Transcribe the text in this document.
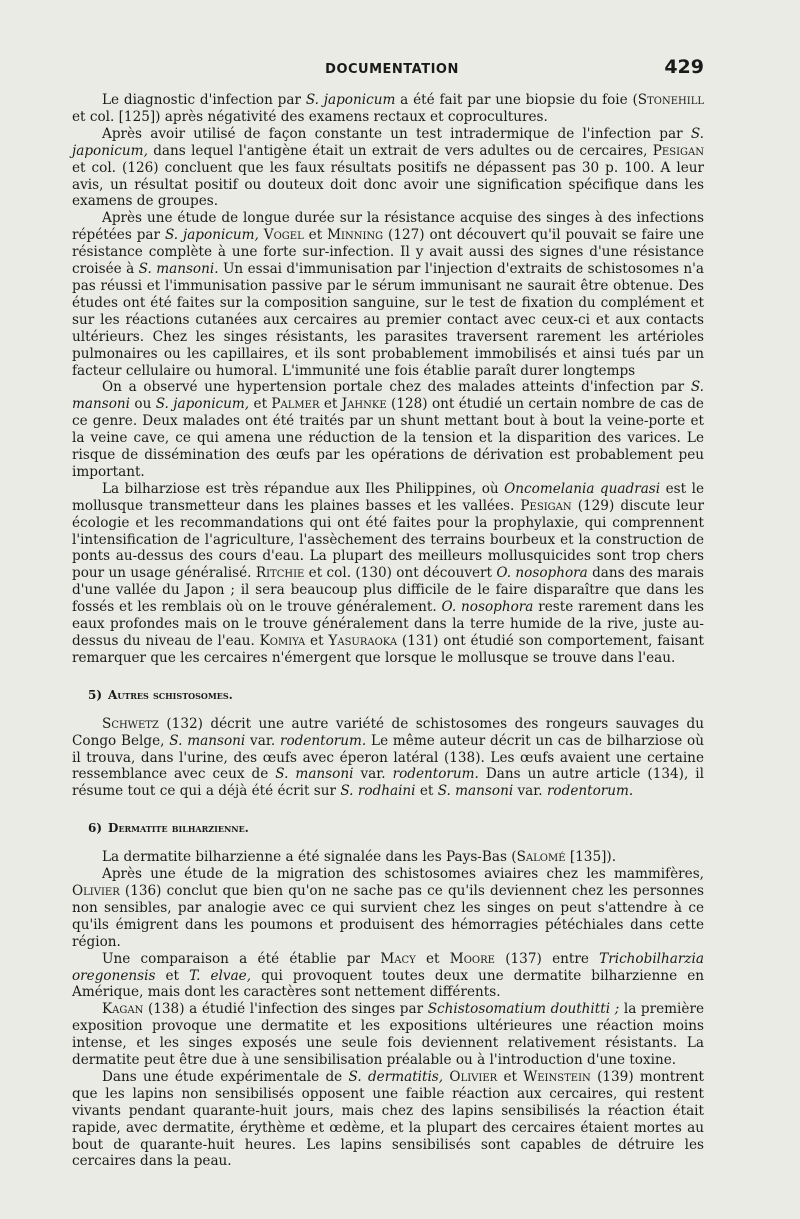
DOCUMENTATION	429

Le diagnostic d'infection par S. japonicum a été fait par une biopsie du foie (Stonehill et col. [125]) après négativité des examens rectaux et coprocultures.

Après avoir utilisé de façon constante un test intradermique de l'infection par S. japonicum, dans lequel l'antigène était un extrait de vers adultes ou de cercaires, Pesigan et col. (126) concluent que les faux résultats positifs ne dépassent pas 30 p. 100. A leur avis, un résultat positif ou douteux doit donc avoir une signification spécifique dans les examens de groupes.

Après une étude de longue durée sur la résistance acquise des singes à des infections répétées par S. japonicum, Vogel et Minning (127) ont découvert qu'il pouvait se faire une résistance complète à une forte sur-infection. Il y avait aussi des signes d'une résistance croisée à S. mansoni. Un essai d'immunisation par l'injection d'extraits de schistosomes n'a pas réussi et l'immunisation passive par le sérum immunisant ne saurait être obtenue. Des études ont été faites sur la composition sanguine, sur le test de fixation du complément et sur les réactions cutanées aux cercaires au premier contact avec ceux-ci et aux contacts ultérieurs. Chez les singes résistants, les parasites traversent rarement les artérioles pulmonaires ou les capillaires, et ils sont probablement immobilisés et ainsi tués par un facteur cellulaire ou humoral. L'immunité une fois établie paraît durer longtemps

On a observé une hypertension portale chez des malades atteints d'infection par S. mansoni ou S. japonicum, et Palmer et Jahnke (128) ont étudié un certain nombre de cas de ce genre. Deux malades ont été traités par un shunt mettant bout à bout la veine-porte et la veine cave, ce qui amena une réduction de la tension et la disparition des varices. Le risque de dissémination des œufs par les opérations de dérivation est probablement peu important.

La bilharziose est très répandue aux Iles Philippines, où Oncomelania quadrasi est le mollusque transmetteur dans les plaines basses et les vallées. Pesigan (129) discute leur écologie et les recommandations qui ont été faites pour la prophylaxie, qui comprennent l'intensification de l'agriculture, l'assèchement des terrains bourbeux et la construction de ponts au-dessus des cours d'eau. La plupart des meilleurs mollusquicides sont trop chers pour un usage généralisé. Ritchie et col. (130) ont découvert O. nosophora dans des marais d'une vallée du Japon ; il sera beaucoup plus difficile de le faire disparaître que dans les fossés et les remblais où on le trouve généralement. O. nosophora reste rarement dans les eaux profondes mais on le trouve généralement dans la terre humide de la rive, juste au-dessus du niveau de l'eau. Komiya et Yasuraoka (131) ont étudié son comportement, faisant remarquer que les cercaires n'émergent que lorsque le mollusque se trouve dans l'eau.

5) Autres schistosomes.

Schwetz (132) décrit une autre variété de schistosomes des rongeurs sauvages du Congo Belge, S. mansoni var. rodentorum. Le même auteur décrit un cas de bilharziose où il trouva, dans l'urine, des œufs avec éperon latéral (138). Les œufs avaient une certaine ressemblance avec ceux de S. mansoni var. rodentorum. Dans un autre article (134), il résume tout ce qui a déjà été écrit sur S. rodhaini et S. mansoni var. rodentorum.

6) Dermatite bilharzienne.

La dermatite bilharzienne a été signalée dans les Pays-Bas (Salomé [135]).

Après une étude de la migration des schistosomes aviaires chez les mammifères, Olivier (136) conclut que bien qu'on ne sache pas ce qu'ils deviennent chez les personnes non sensibles, par analogie avec ce qui survient chez les singes on peut s'attendre à ce qu'ils émigrent dans les poumons et produisent des hémorragies pétéchiales dans cette région.

Une comparaison a été établie par Macy et Moore (137) entre Trichobilharzia oregonensis et T. elvae, qui provoquent toutes deux une dermatite bilharzienne en Amérique, mais dont les caractères sont nettement différents.

Kagan (138) a étudié l'infection des singes par Schistosomatium douthitti ; la première exposition provoque une dermatite et les expositions ultérieures une réaction moins intense, et les singes exposés une seule fois deviennent relativement résistants. La dermatite peut être due à une sensibilisation préalable ou à l'introduction d'une toxine.

Dans une étude expérimentale de S. dermatitis, Olivier et Weinstein (139) montrent que les lapins non sensibilisés opposent une faible réaction aux cercaires, qui restent vivants pendant quarante-huit jours, mais chez des lapins sensibilisés la réaction était rapide, avec dermatite, érythème et œdème, et la plupart des cercaires étaient mortes au bout de quarante-huit heures. Les lapins sensibilisés sont capables de détruire les cercaires dans la peau.
